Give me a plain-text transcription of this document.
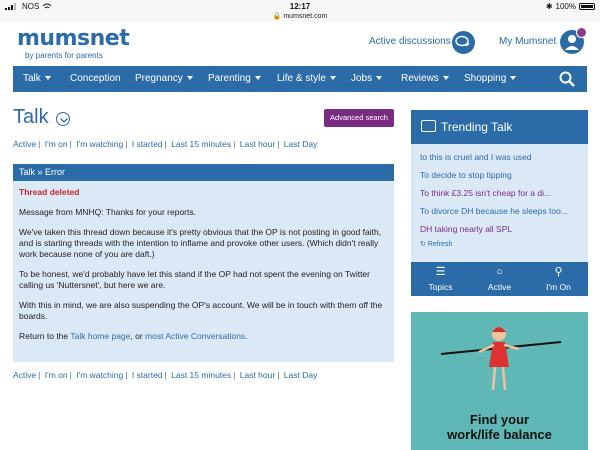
NOS	12:17
🔒 mumsnet.com
✱ 100%
mumsnet
by parents for parents
Active discussions	My Mumsnet
Talk	Conception Pregnancy	Parenting	Life & style	Jobs	Reviews	Shopping
Talk	Advanced search
Active | I'm on | I'm watching | I started | Last 15 minutes | Last hour | Last Day
Talk » Error
Thread deleted

Message from MNHQ: Thanks for your reports.

We've taken this thread down because it's pretty obvious that the OP is not posting in good faith, and is starting threads with the intention to inflame and provoke other users. (Which didn't really work because none of you are daft.)

To be honest, we'd probably have let this stand if the OP had not spent the evening on Twitter calling us 'Nuttersnet', but here we are.

With this in mind, we are also suspending the OP's account. We will be in touch with them off the boards.

Return to the Talk home page, or most Active Conversations.

Active | I'm on | I'm watching | I started | Last 15 minutes | Last hour | Last Day
Trending Talk
to this is cruel and I was used
To decide to stop tipping
To think £3.25 isn't cheap for a di...
To divorce DH because he sleeps too...
DH taking nearly all SPL
↻ Refresh
☰
Topics
○
Active
⚲
I'm On
Find your
work/life balance
